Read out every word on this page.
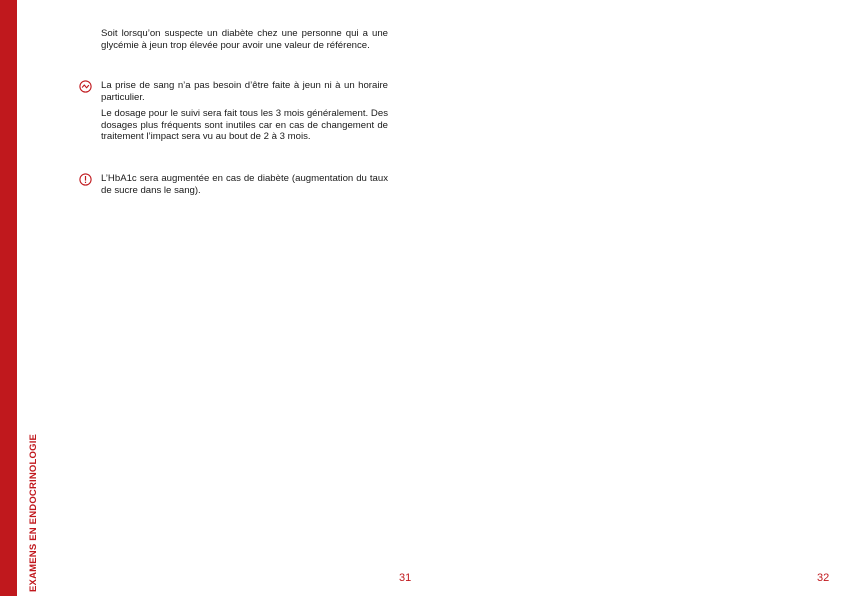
EXAMENS EN ENDOCRINOLOGIE

Soit lorsqu’on suspecte un diabète chez une personne qui a une glycémie à jeun trop élevée pour avoir une valeur de référence.

La prise de sang n’a pas besoin d’être faite à jeun ni à un horaire particulier.

Le dosage pour le suivi sera fait tous les 3 mois généralement. Des dosages plus fréquents sont inutiles car en cas de changement de traitement l’impact sera vu au bout de 2 à 3 mois.

L’HbA1c sera augmentée en cas de diabète (augmentation du taux de sucre dans le sang).

31	32
